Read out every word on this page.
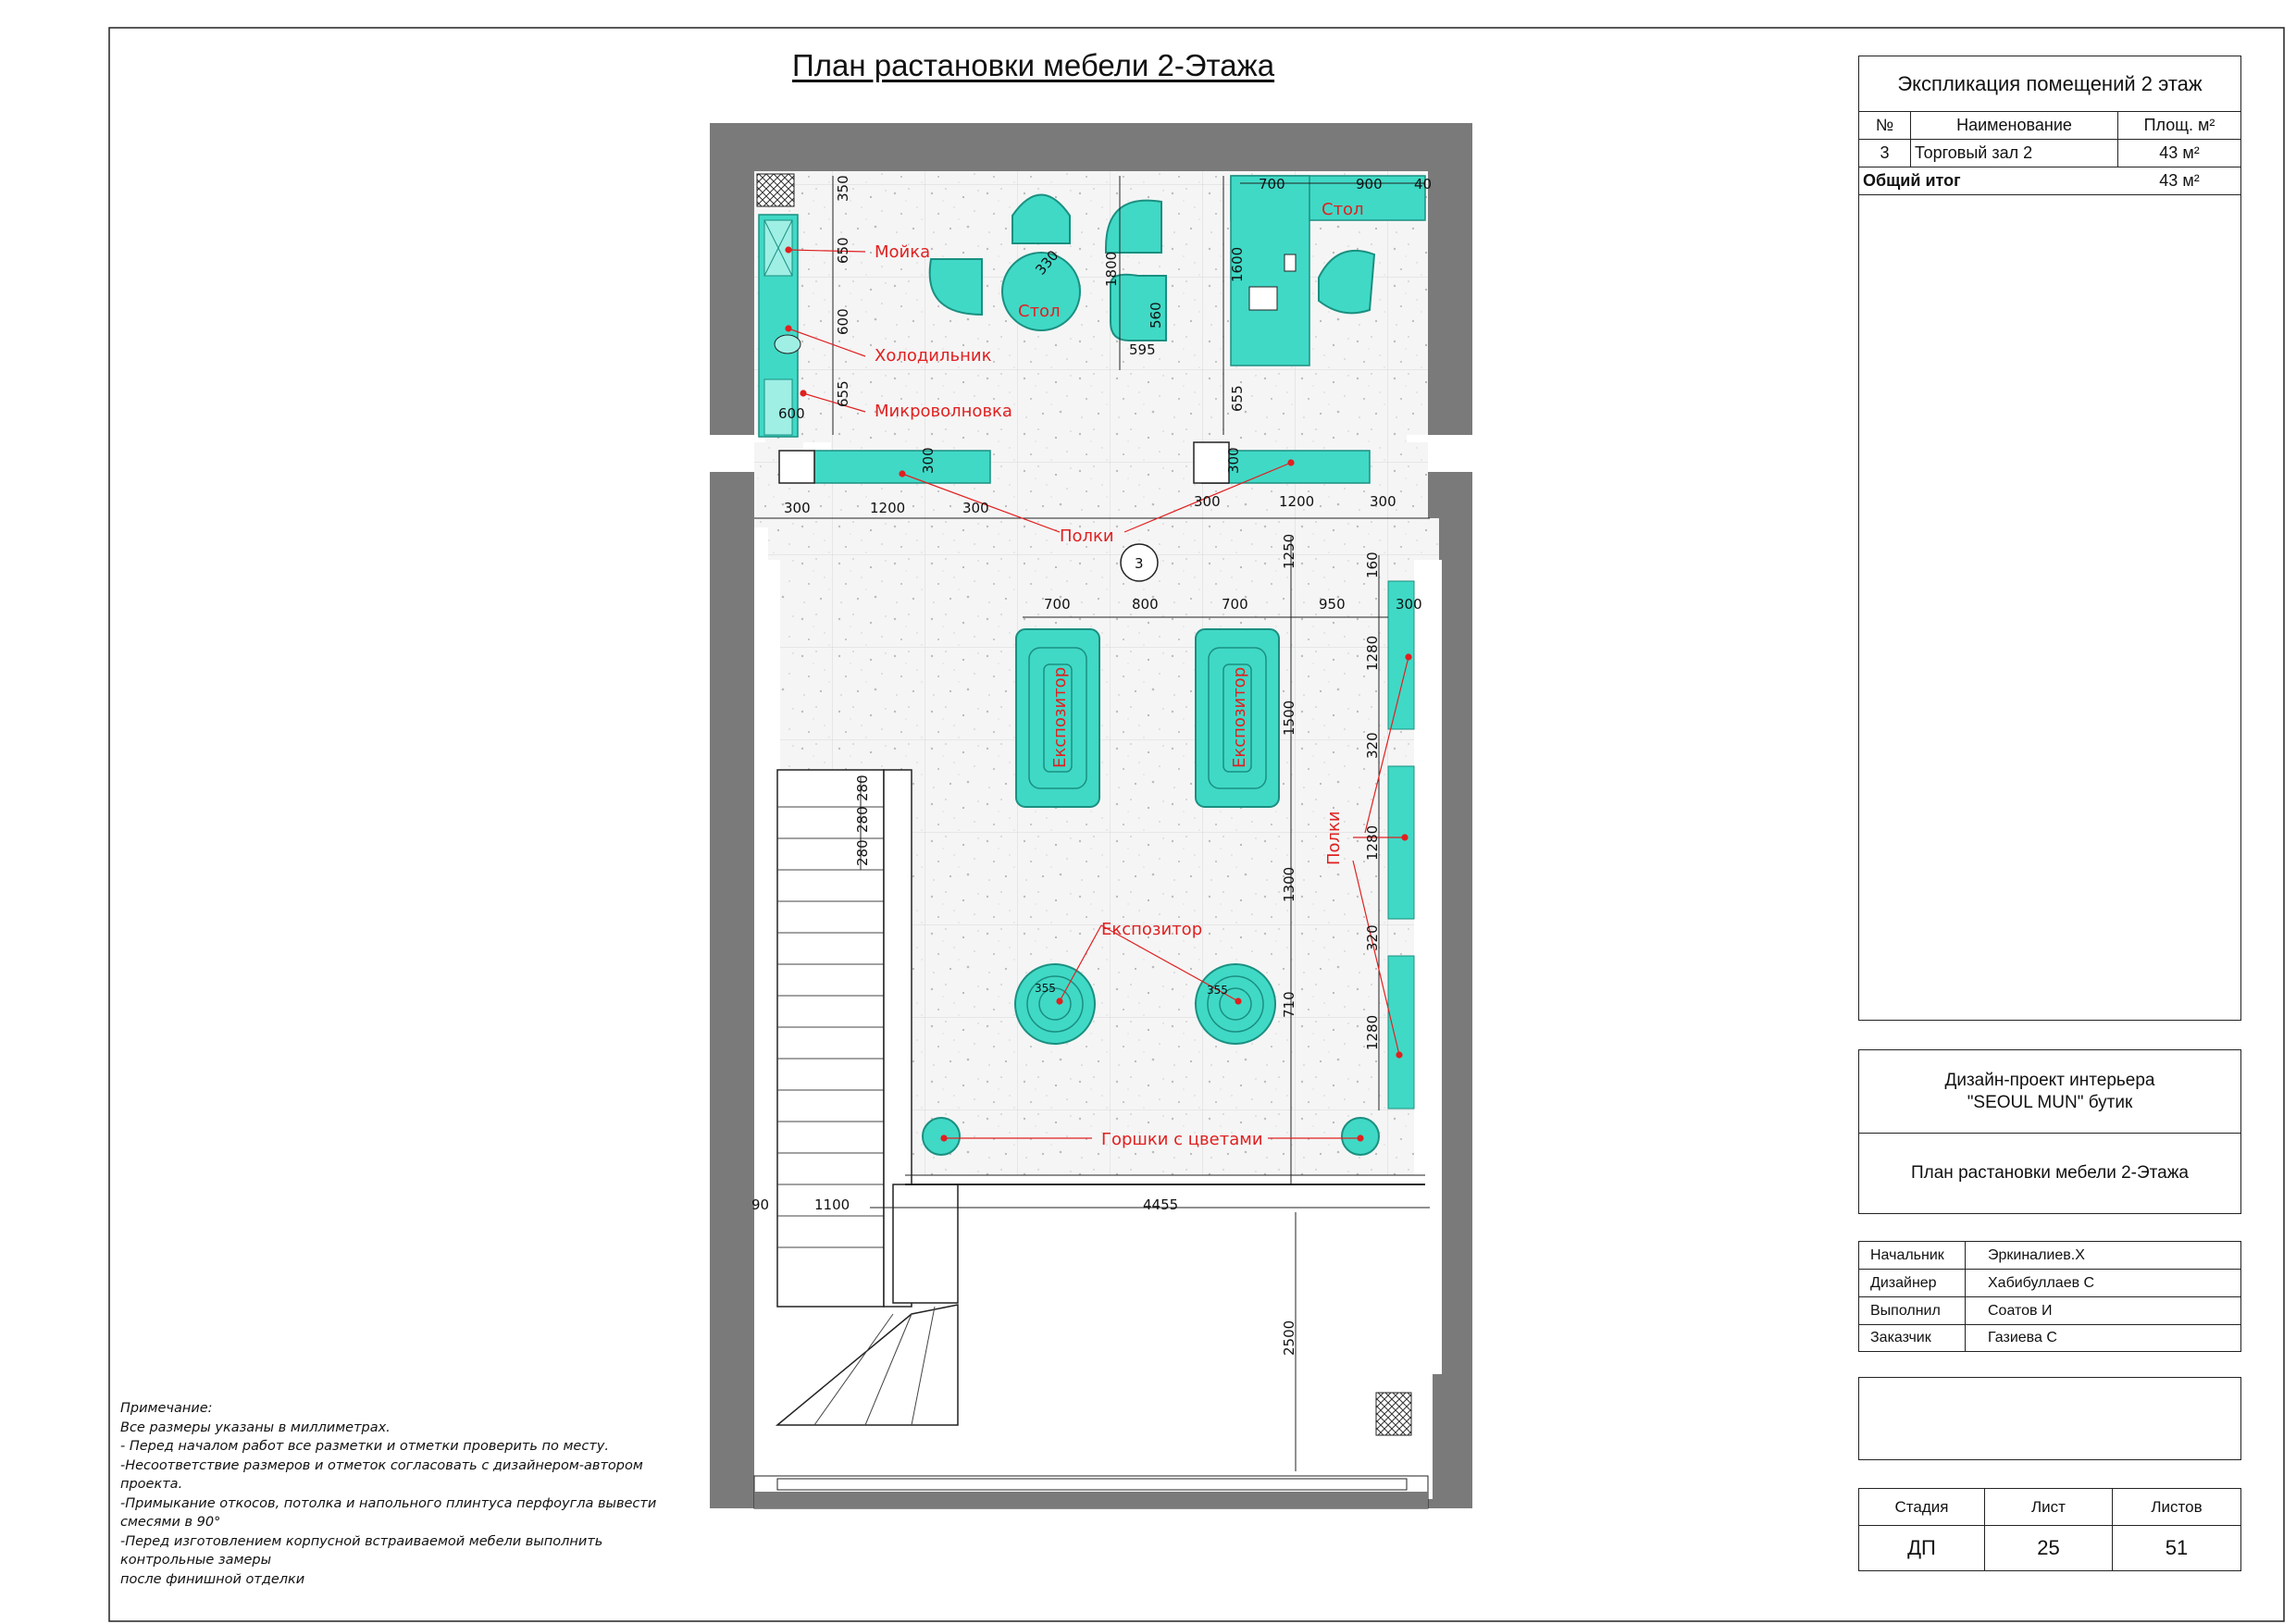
Мойка
Холодильник
Микроволновка
Стол
Стол
Полки
Експозитор
Горшки с цветами
Полки
Експозитор	Експозитор
3
350
650
600
655
600
330	1800
560
595
1600
655
700	900 40
300	300
300	1200	300	300	1200	300
1250	160
300
700	800	700	950
1280
320
1280
320
1280
1500
1300
710
355	355
280
280
280
90	1100	4455
2500
План растановки мебели 2-Этажа
Примечание:
Все размеры указаны в миллиметрах.
- Перед началом работ все разметки и отметки проверить по месту.
-Несоответствие размеров и отметок согласовать с дизайнером-автором
проекта.
-Примыкание откосов, потолка и напольного плинтуса перфоуглa вывести
смесями в 90°
-Перед изготовлением корпусной встраиваемой мебели выполнить
контрольные замеры
после финишной отделки
Экспликация помещений 2 этаж
№	Наименование	Площ. м²
3	Торговый зал 2	43 м²
Общий итог	43 м²
Дизайн-проект интерьера
"SEOUL MUN" бутик
План растановки мебели 2-Этажа
Начальник	Эркиналиев.Х
Дизайнер	Хабибуллаев С
Выполнил	Соатов И
Заказчик	Газиева С
Стадия	Лист	Листов
ДП	25	51
